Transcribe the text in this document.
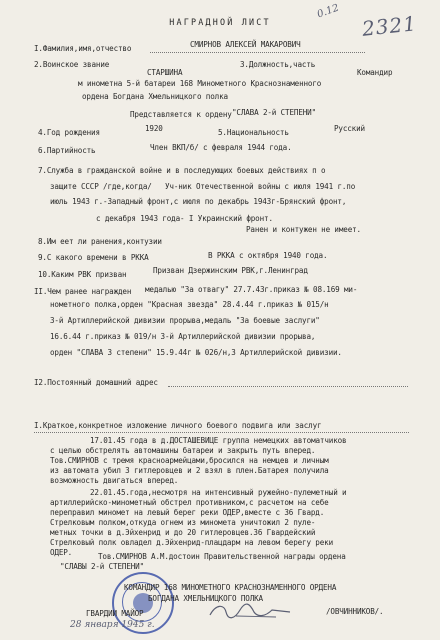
0.12 2321
НАГРАДНОЙ ЛИСТ
I.Фамилия,имя,отчество	СМИРНОВ АЛЕКСЕЙ МАКАРОВИЧ
2.Воинское звание
СТАРШИНА
3.Должность,часть
Командир
м инометна 5-й батареи 168 Минометного Краснознаменного
ордена Богдана Хмельницкого полка
Представляется к ордену "СЛАВА 2-й СТЕПЕНИ"
4.Год рождения	1920	5.Национальность	Русский
6.Партийность	Член ВКП/б/ с февраля 1944 года.
7.Служба в гражданской войне и в последующих боевых действиях п о
защите СССР /где,когда/ Уч-ник Отечественной войны с июля 1941 г.по
июль 1943 г.-Западный фронт,с июля по декабрь 1943г-Брянский фронт,
с декабря 1943 года- I Украинский фронт.
Ранен и контужен не имеет.
8.Им еет ли ранения,контузии
9.С какого времени в РККА	В РККА с октября 1940 года.
10.Каким РВК призван	Призван Дзержинским РВК,г.Ленинград
II.Чем ранее награжден медалью "За отвагу" 27.7.43г.приказ № 08.169 ми-
нометного полка,орден "Красная звезда" 28.4.44 г.приказ № 015/н
3-й Артиллерийской дивизии прорыва,медаль "За боевые заслуги"
16.6.44 г.приказ № 019/н 3-й Артиллерийской дивизии прорыва,
орден "СЛАВА 3 степени" 15.9.44г № 026/н,3 Артиллерийской дивизии.
I2.Постоянный домашний адрес
I.Краткое,конкретное изложение личного боевого подвига или заслуг
17.01.45 года в д.ДОСТАШЕВИЦЕ группа немецких автоматчиков
с целью обстрелять автомашины батареи и закрыть путь вперед.
Тов.СМИРНОВ с тремя красноармейцами,бросился на немцев и личным
из автомата убил 3 гитлеровцев и 2 взял в плен.Батарея получила
возможность двигаться вперед.
22.01.45.года,несмотря на интенсивный ружейно-пулеметный и
артиллерийско-минометный обстрел противником,с расчетом на себе
переправил миномет на левый берег реки ОДЕР,вместе с 36 Гвард.
Стрелковым полком,откуда огнем из миномета уничтожил 2 пуле-
метных точки в д.Эйхенрид и до 20 гитлеровцев.36 Гвардейский
Стрелковый полк овладел д.Эйхенрид-плацдарм на левом берегу реки
ОДЕР.	Тов.СМИРНОВ А.М.достоин Правительственной награды ордена
"СЛАВЫ 2-й СТЕПЕНИ"
КОМАНДИР 168 МИНОМЕТНОГО КРАСНОЗНАМЕННОГО ОРДЕНА
БОГДАНА ХМЕЛЬНИЦКОГО ПОЛКА
ГВАРДИИ МАЙОР
28 января 1945 г.
/ОВЧИННИКОВ/.
